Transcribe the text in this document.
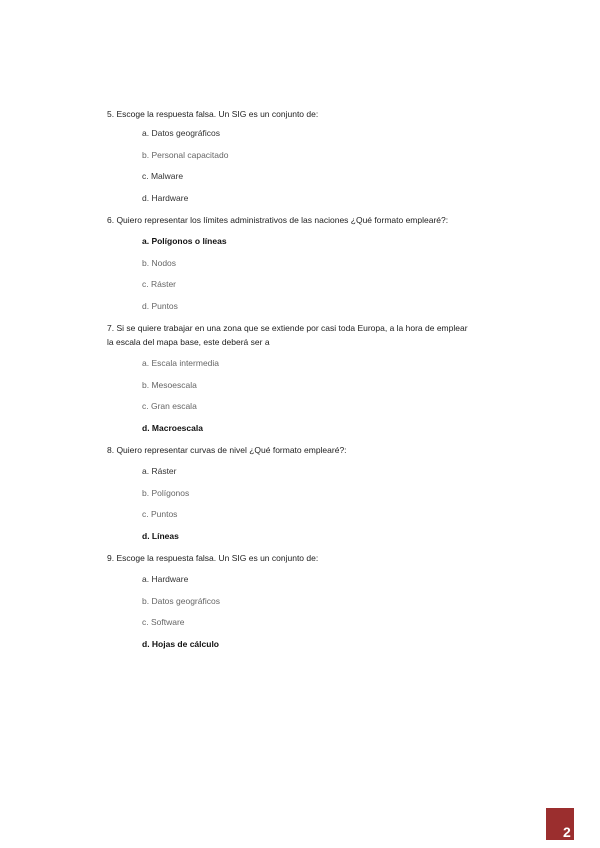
5. Escoge la respuesta falsa. Un SIG es un conjunto de:
a. Datos geográficos
b. Personal capacitado
c. Malware
d. Hardware
6. Quiero representar los límites administrativos de las naciones ¿Qué formato emplearé?:
a. Polígonos o líneas
b. Nodos
c. Ráster
d. Puntos
7. Si se quiere trabajar en una zona que se extiende por casi toda Europa, a la hora de emplear
la escala del mapa base, este deberá ser a
a. Escala intermedia
b. Mesoescala
c. Gran escala
d. Macroescala
8. Quiero representar curvas de nivel ¿Qué formato emplearé?:
a. Ráster
b. Polígonos
c. Puntos
d. Líneas
9. Escoge la respuesta falsa. Un SIG es un conjunto de:
a. Hardware
b. Datos geográficos
c. Software
d. Hojas de cálculo
2
